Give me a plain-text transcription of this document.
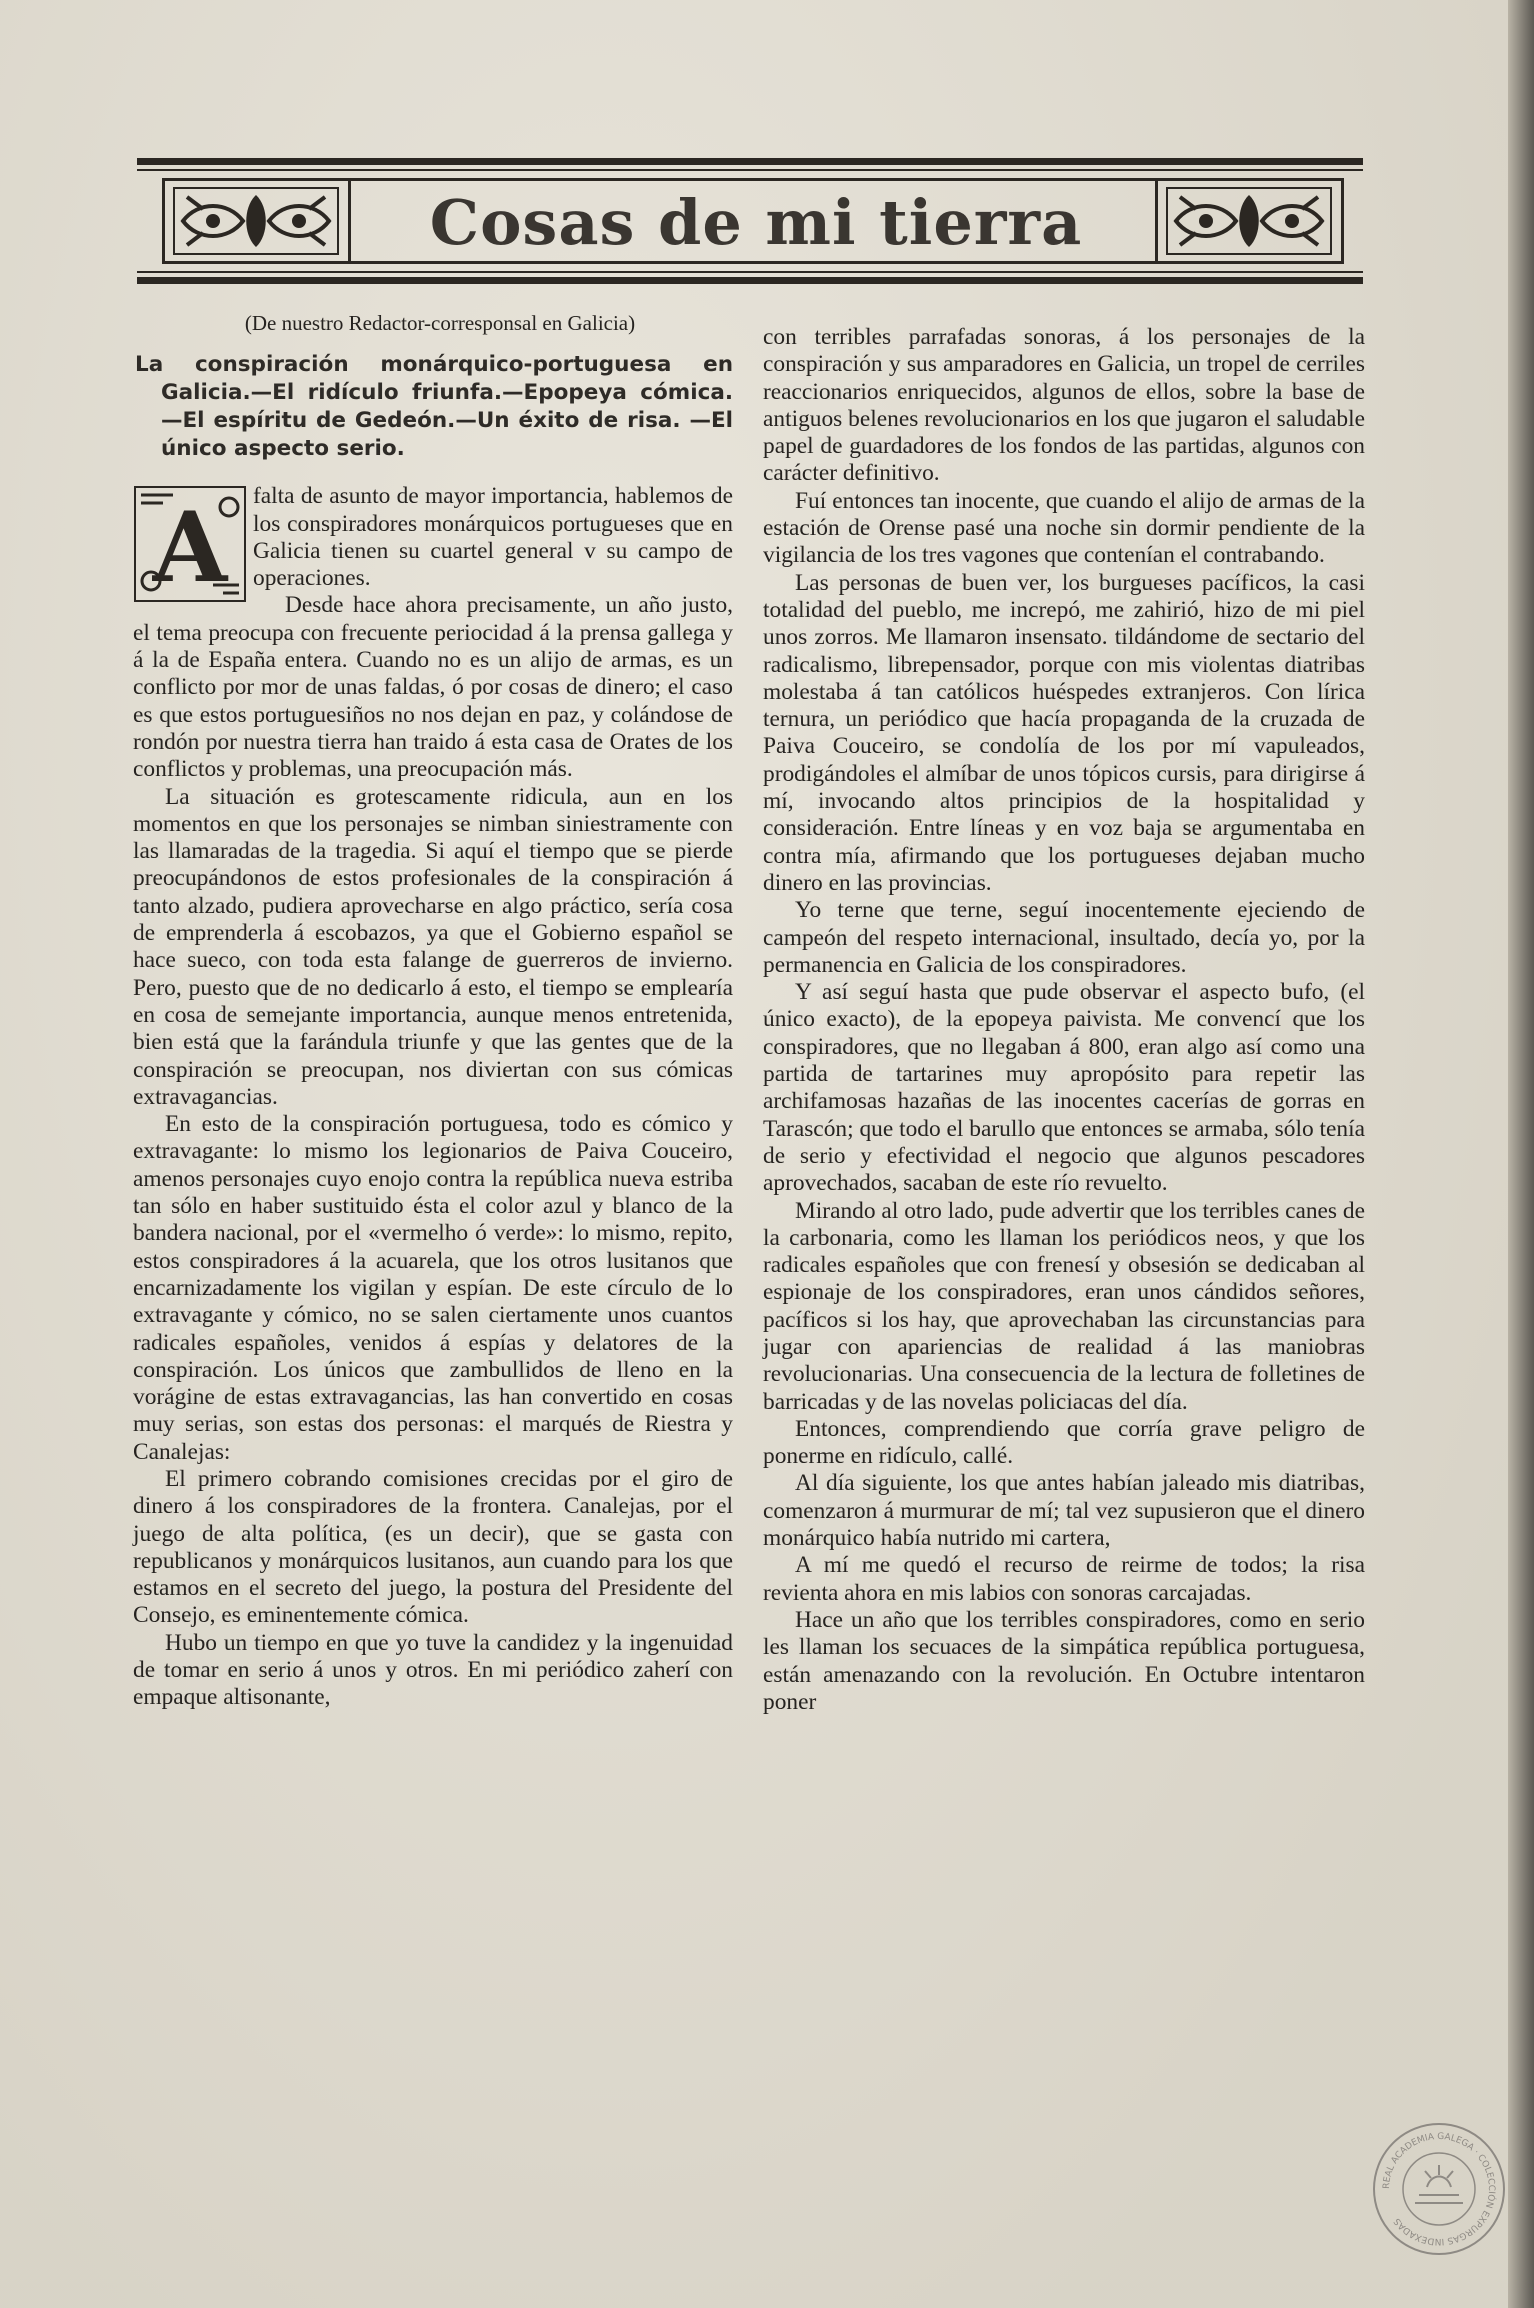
Cosas de mi tierra

(De nuestro Redactor-corresponsal en Galicia)

La conspiración monárquico-portuguesa en Galicia.—El ridículo friunfa.—Epopeya cómica.—El espíritu de Gedeón.—Un éxito de risa. —El único aspecto serio.

A falta de asunto de mayor importancia, hablemos de los conspiradores monárquicos portugueses que en Galicia tienen su cuartel general v su campo de operaciones.

Desde hace ahora precisamente, un año justo, el tema preocupa con frecuente periocidad á la prensa gallega y á la de España entera. Cuando no es un alijo de armas, es un conflicto por mor de unas faldas, ó por cosas de dinero; el caso es que estos portuguesiños no nos dejan en paz, y colándose de rondón por nuestra tierra han traido á esta casa de Orates de los conflictos y problemas, una preocupación más.

La situación es grotescamente ridicula, aun en los momentos en que los personajes se nimban siniestramente con las llamaradas de la tragedia. Si aquí el tiempo que se pierde preocupándonos de estos profesionales de la conspiración á tanto alzado, pudiera aprovecharse en algo práctico, sería cosa de emprenderla á escobazos, ya que el Gobierno español se hace sueco, con toda esta falange de guerreros de invierno. Pero, puesto que de no dedicarlo á esto, el tiempo se emplearía en cosa de semejante importancia, aunque menos entretenida, bien está que la farándula triunfe y que las gentes que de la conspiración se preocupan, nos diviertan con sus cómicas extravagancias.

En esto de la conspiración portuguesa, todo es cómico y extravagante: lo mismo los legionarios de Paiva Couceiro, amenos personajes cuyo enojo contra la república nueva estriba tan sólo en haber sustituido ésta el color azul y blanco de la bandera nacional, por el «vermelho ó verde»: lo mismo, repito, estos conspiradores á la acuarela, que los otros lusitanos que encarnizadamente los vigilan y espían. De este círculo de lo extravagante y cómico, no se salen ciertamente unos cuantos radicales españoles, venidos á espías y delatores de la conspiración. Los únicos que zambullidos de lleno en la vorágine de estas extravagancias, las han convertido en cosas muy serias, son estas dos personas: el marqués de Riestra y Canalejas:

El primero cobrando comisiones crecidas por el giro de dinero á los conspiradores de la frontera. Canalejas, por el juego de alta política, (es un decir), que se gasta con republicanos y monárquicos lusitanos, aun cuando para los que estamos en el secreto del juego, la postura del Presidente del Consejo, es eminentemente cómica.

Hubo un tiempo en que yo tuve la candidez y la ingenuidad de tomar en serio á unos y otros. En mi periódico zaherí con empaque altisonante,

con terribles parrafadas sonoras, á los personajes de la conspiración y sus amparadores en Galicia, un tropel de cerriles reaccionarios enriquecidos, algunos de ellos, sobre la base de antiguos belenes revolucionarios en los que jugaron el saludable papel de guardadores de los fondos de las partidas, algunos con carácter definitivo.

Fuí entonces tan inocente, que cuando el alijo de armas de la estación de Orense pasé una noche sin dormir pendiente de la vigilancia de los tres vagones que contenían el contrabando.

Las personas de buen ver, los burgueses pacíficos, la casi totalidad del pueblo, me increpó, me zahirió, hizo de mi piel unos zorros. Me llamaron insensato. tildándome de sectario del radicalismo, librepensador, porque con mis violentas diatribas molestaba á tan católicos huéspedes extranjeros. Con lírica ternura, un periódico que hacía propaganda de la cruzada de Paiva Couceiro, se condolía de los por mí vapuleados, prodigándoles el almíbar de unos tópicos cursis, para dirigirse á mí, invocando altos principios de la hospitalidad y consideración. Entre líneas y en voz baja se argumentaba en contra mía, afirmando que los portugueses dejaban mucho dinero en las provincias.

Yo terne que terne, seguí inocentemente ejeciendo de campeón del respeto internacional, insultado, decía yo, por la permanencia en Galicia de los conspiradores.

Y así seguí hasta que pude observar el aspecto bufo, (el único exacto), de la epopeya paivista. Me convencí que los conspiradores, que no llegaban á 800, eran algo así como una partida de tartarines muy apropósito para repetir las archifamosas hazañas de las inocentes cacerías de gorras en Tarascón; que todo el barullo que entonces se armaba, sólo tenía de serio y efectividad el negocio que algunos pescadores aprovechados, sacaban de este río revuelto.

Mirando al otro lado, pude advertir que los terribles canes de la carbonaria, como les llaman los periódicos neos, y que los radicales españoles que con frenesí y obsesión se dedicaban al espionaje de los conspiradores, eran unos cándidos señores, pacíficos si los hay, que aprovechaban las circunstancias para jugar con apariencias de realidad á las maniobras revolucionarias. Una consecuencia de la lectura de folletines de barricadas y de las novelas policiacas del día.

Entonces, comprendiendo que corría grave peligro de ponerme en ridículo, callé.

Al día siguiente, los que antes habían jaleado mis diatribas, comenzaron á murmurar de mí; tal vez supusieron que el dinero monárquico había nutrido mi cartera,

A mí me quedó el recurso de reirme de todos; la risa revienta ahora en mis labios con sonoras carcajadas.

Hace un año que los terribles conspiradores, como en serio les llaman los secuaces de la simpática república portuguesa, están amenazando con la revolución. En Octubre intentaron poner

REAL ACADEMIA GALEGA · COLECCIÓN EXPURGAS INDEXADAS
